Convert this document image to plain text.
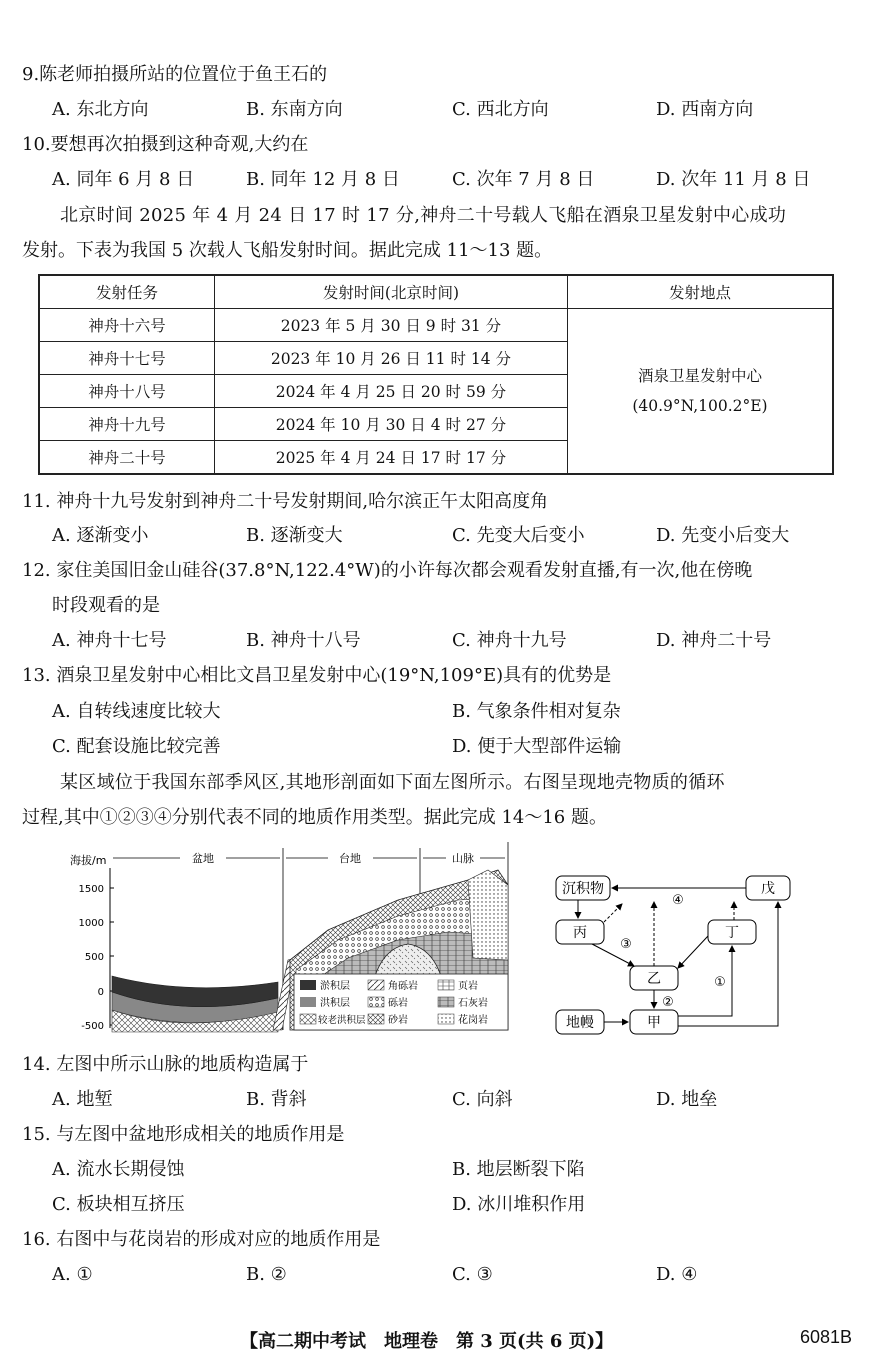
9.陈老师拍摄所站的位置位于鱼王石的
A. 东北方向	B. 东南方向	C. 西北方向	D. 西南方向
10.要想再次拍摄到这种奇观,大约在
A. 同年 6 月 8 日	B. 同年 12 月 8 日	C. 次年 7 月 8 日	D. 次年 11 月 8 日
北京时间 2025 年 4 月 24 日 17 时 17 分,神舟二十号载人飞船在酒泉卫星发射中心成功
发射。下表为我国 5 次载人飞船发射时间。据此完成 11～13 题。
发射任务	发射时间(北京时间)	发射地点
神舟十六号	2023 年 5 月 30 日 9 时 31 分	酒泉卫星发射中心
(40.9°N,100.2°E)

神舟十七号	2023 年 10 月 26 日 11 时 14 分	
神舟十八号	2024 年 4 月 25 日 20 时 59 分	
神舟十九号	2024 年 10 月 30 日 4 时 27 分	
神舟二十号	2025 年 4 月 24 日 17 时 17 分	
11. 神舟十九号发射到神舟二十号发射期间,哈尔滨正午太阳高度角
A. 逐渐变小	B. 逐渐变大	C. 先变大后变小	D. 先变小后变大
12. 家住美国旧金山硅谷(37.8°N,122.4°W)的小许每次都会观看发射直播,有一次,他在傍晚
时段观看的是
A. 神舟十七号	B. 神舟十八号	C. 神舟十九号	D. 神舟二十号
13. 酒泉卫星发射中心相比文昌卫星发射中心(19°N,109°E)具有的优势是
A. 自转线速度比较大	B. 气象条件相对复杂
C. 配套设施比较完善	D. 便于大型部件运输
某区域位于我国东部季风区,其地形剖面如下面左图所示。右图呈现地壳物质的循环
过程,其中①②③④分别代表不同的地质作用类型。据此完成 14～16 题。
海拔/m
1500
1000
500
0
-500
盆地	台地	山脉
淤积层	角砾岩	页岩
洪积层	砾岩	石灰岩
较老洪积层 砂岩	花岗岩
沉积物	戊
丙	丁
乙
地幔	甲
①
②
③
④
14. 左图中所示山脉的地质构造属于
A. 地堑	B. 背斜	C. 向斜	D. 地垒
15. 与左图中盆地形成相关的地质作用是
A. 流水长期侵蚀	B. 地层断裂下陷
C. 板块相互挤压	D. 冰川堆积作用
16. 右图中与花岗岩的形成对应的地质作用是
A. ①	B. ②	C. ③	D. ④
【高二期中考试　地理卷　第 3 页(共 6 页)】	6081B
